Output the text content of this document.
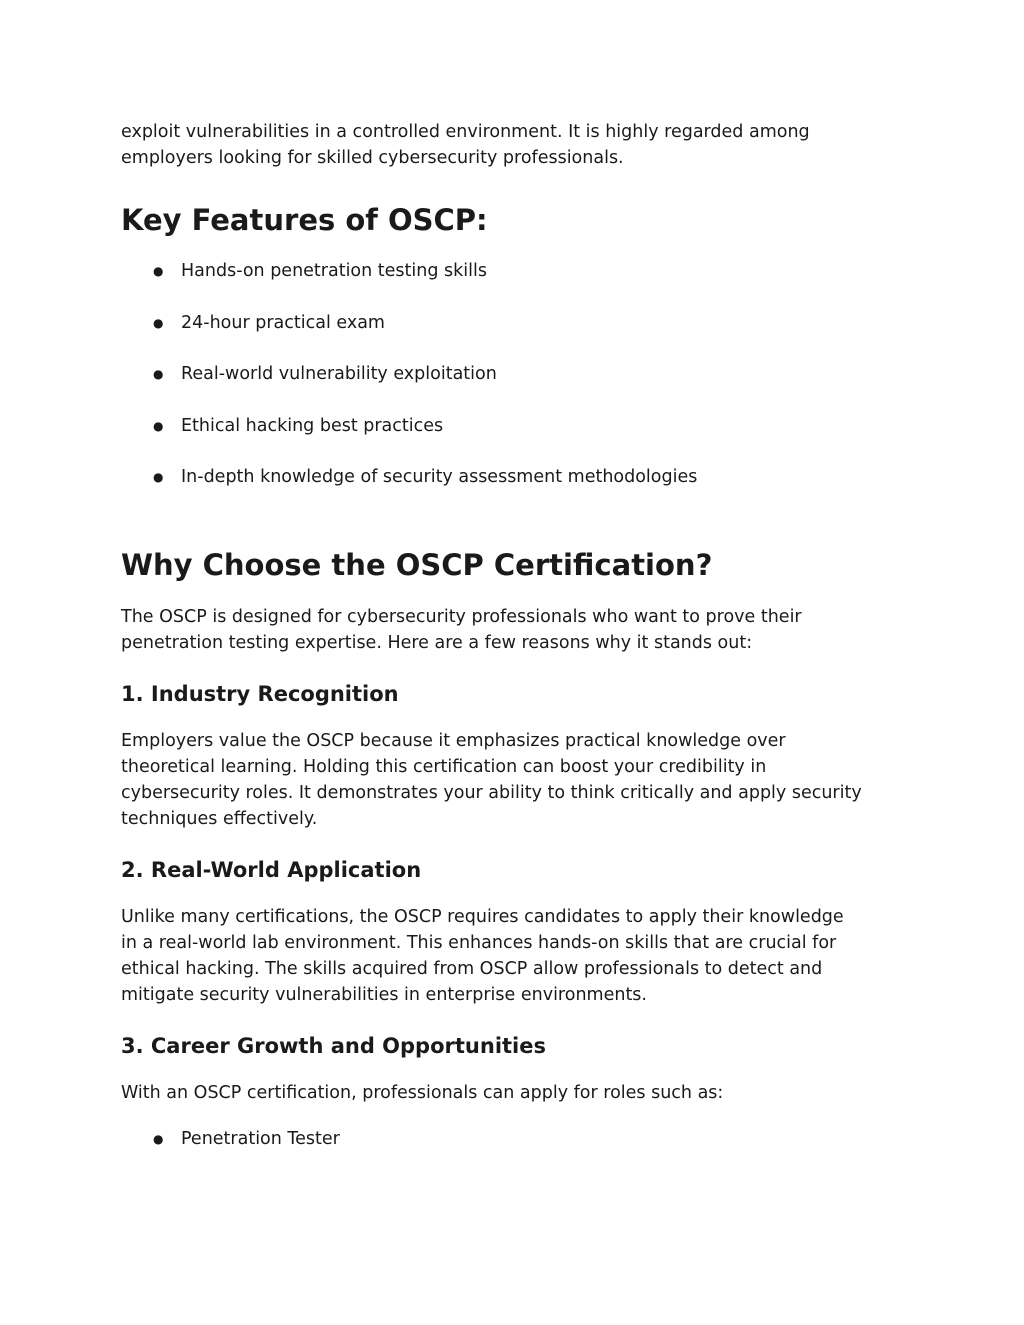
exploit vulnerabilities in a controlled environment. It is highly regarded among
employers looking for skilled cybersecurity professionals.

Key Features of OSCP:
● Hands-on penetration testing skills
● 24-hour practical exam
● Real-world vulnerability exploitation
● Ethical hacking best practices
● In-depth knowledge of security assessment methodologies
Why Choose the OSCP Certification?

The OSCP is designed for cybersecurity professionals who want to prove their
penetration testing expertise. Here are a few reasons why it stands out:

1. Industry Recognition

Employers value the OSCP because it emphasizes practical knowledge over
theoretical learning. Holding this certification can boost your credibility in
cybersecurity roles. It demonstrates your ability to think critically and apply security
techniques effectively.

2. Real-World Application

Unlike many certifications, the OSCP requires candidates to apply their knowledge
in a real-world lab environment. This enhances hands-on skills that are crucial for
ethical hacking. The skills acquired from OSCP allow professionals to detect and
mitigate security vulnerabilities in enterprise environments.

3. Career Growth and Opportunities

With an OSCP certification, professionals can apply for roles such as:

● Penetration Tester
